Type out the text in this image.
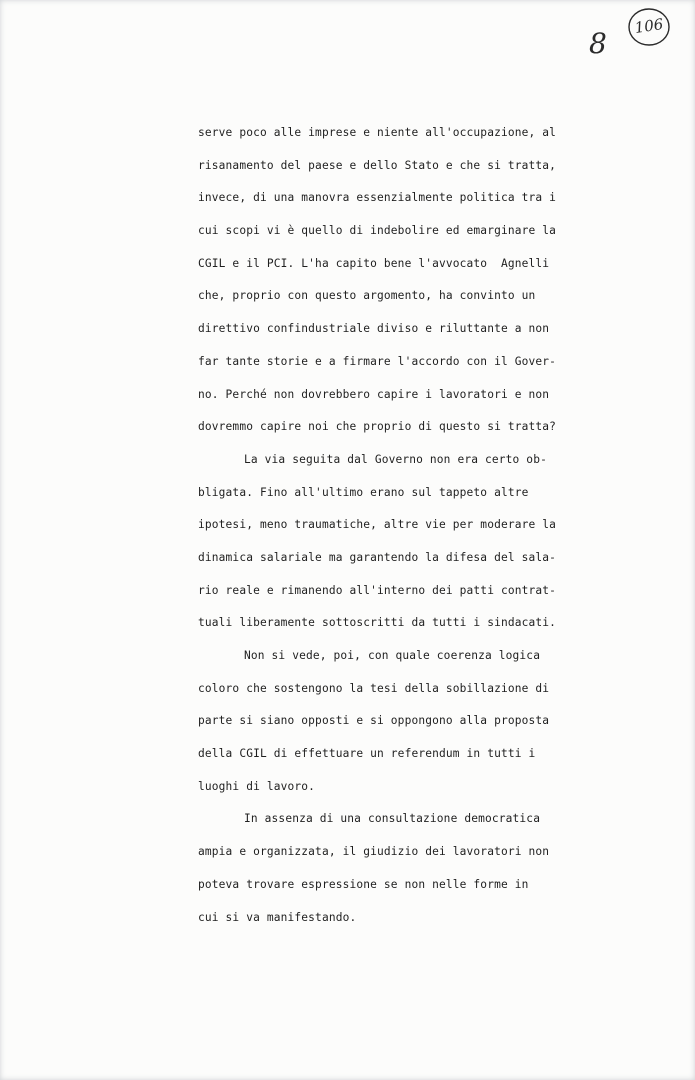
106
8
serve poco alle imprese e niente all'occupazione, al
risanamento del paese e dello Stato e che si tratta,
invece, di una manovra essenzialmente politica tra i
cui scopi vi è quello di indebolire ed emarginare la
CGIL e il PCI. L'ha capito bene l'avvocato  Agnelli
che, proprio con questo argomento, ha convinto un
direttivo confindustriale diviso e riluttante a non
far tante storie e a firmare l'accordo con il Gover-
no. Perché non dovrebbero capire i lavoratori e non
dovremmo capire noi che proprio di questo si tratta?
La via seguita dal Governo non era certo ob-
bligata. Fino all'ultimo erano sul tappeto altre
ipotesi, meno traumatiche, altre vie per moderare la
dinamica salariale ma garantendo la difesa del sala-
rio reale e rimanendo all'interno dei patti contrat-
tuali liberamente sottoscritti da tutti i sindacati.
Non si vede, poi, con quale coerenza logica
coloro che sostengono la tesi della sobillazione di
parte si siano opposti e si oppongono alla proposta
della CGIL di effettuare un referendum in tutti i
luoghi di lavoro.
In assenza di una consultazione democratica
ampia e organizzata, il giudizio dei lavoratori non
poteva trovare espressione se non nelle forme in
cui si va manifestando.
